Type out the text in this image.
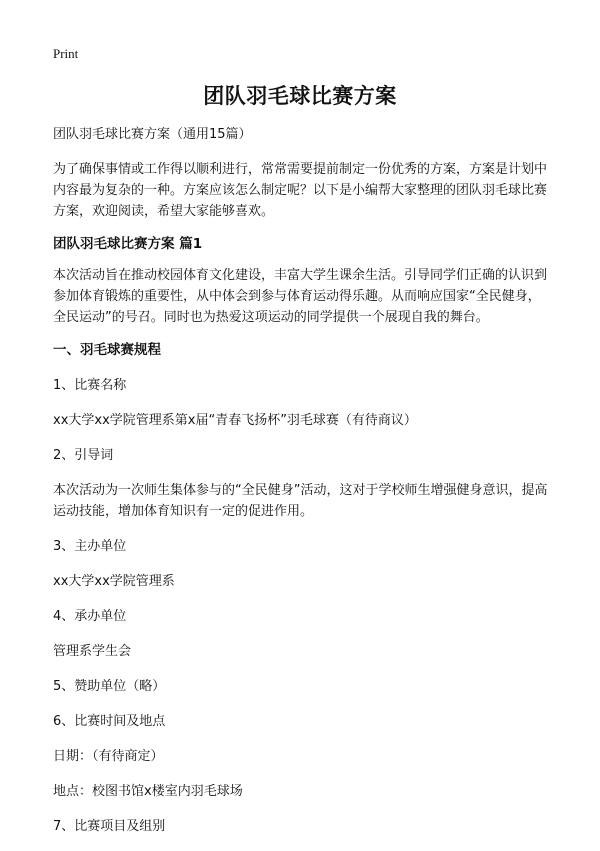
Print
团队羽毛球比赛方案

团队羽毛球比赛方案（通用15篇）

为了确保事情或工作得以顺利进行，常常需要提前制定一份优秀的方案，方案是计划中内容最为复杂的一种。方案应该怎么制定呢？以下是小编帮大家整理的团队羽毛球比赛方案，欢迎阅读，希望大家能够喜欢。

团队羽毛球比赛方案 篇1

本次活动旨在推动校园体育文化建设，丰富大学生课余生活。引导同学们正确的认识到参加体育锻炼的重要性，从中体会到参与体育运动得乐趣。从而响应国家“全民健身，全民运动”的号召。同时也为热爱这项运动的同学提供一个展现自我的舞台。

一、羽毛球赛规程

1、比赛名称

xx大学xx学院管理系第x届“青春飞扬杯”羽毛球赛（有待商议）

2、引导词

本次活动为一次师生集体参与的“全民健身”活动，这对于学校师生增强健身意识，提高运动技能，增加体育知识有一定的促进作用。

3、主办单位

xx大学xx学院管理系

4、承办单位

管理系学生会

5、赞助单位（略）

6、比赛时间及地点

日期：（有待商定）

地点：校图书馆x楼室内羽毛球场

7、比赛项目及组别
